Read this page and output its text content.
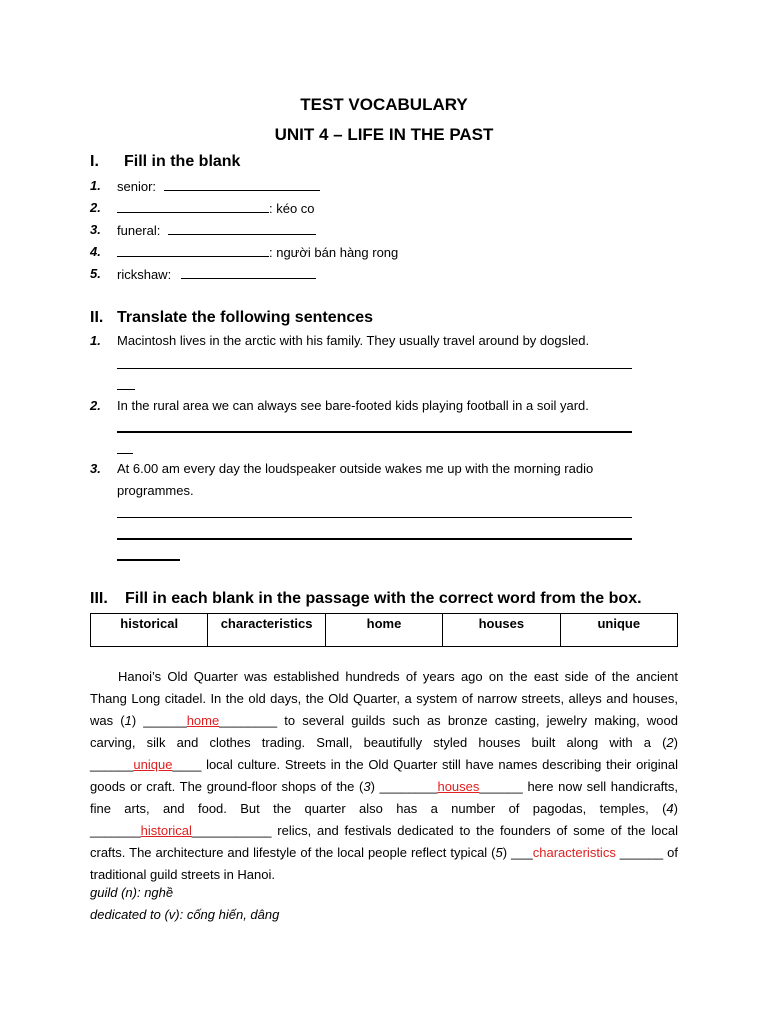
TEST VOCABULARY
UNIT 4 – LIFE IN THE PAST
I. Fill in the blank
1. senior:
2.	: kéo co
3. funeral:
4.	: người bán hàng rong
5. rickshaw:
II. Translate the following sentences
1. Macintosh lives in the arctic with his family. They usually travel around by dogsled.
2. In the rural area we can always see bare-footed kids playing football in a soil yard.
3. At 6.00 am every day the loudspeaker outside wakes me up with the morning radio programmes.
III. Fill in each blank in the passage with the correct word from the box.
historical	characteristics	home	houses	unique

Hanoi’s Old Quarter was established hundreds of years ago on the east side of the ancient Thang Long citadel. In the old days, the Old Quarter, a system of narrow streets, alleys and houses, was (1) ______home________ to several guilds such as bronze casting, jewelry making, wood carving, silk and clothes trading. Small, beautifully styled houses built along with a (2) ______unique____ local culture. Streets in the Old Quarter still have names describing their original goods or craft. The ground-floor shops of the (3) ________houses______ here now sell handicrafts, fine arts, and food. But the quarter also has a number of pagodas, temples, (4) _______historical___________ relics, and festivals dedicated to the founders of some of the local crafts. The architecture and lifestyle of the local people reflect typical (5) ___characteristics ______ of traditional guild streets in Hanoi.

guild (n): nghề
dedicated to (v): cống hiến, dâng
